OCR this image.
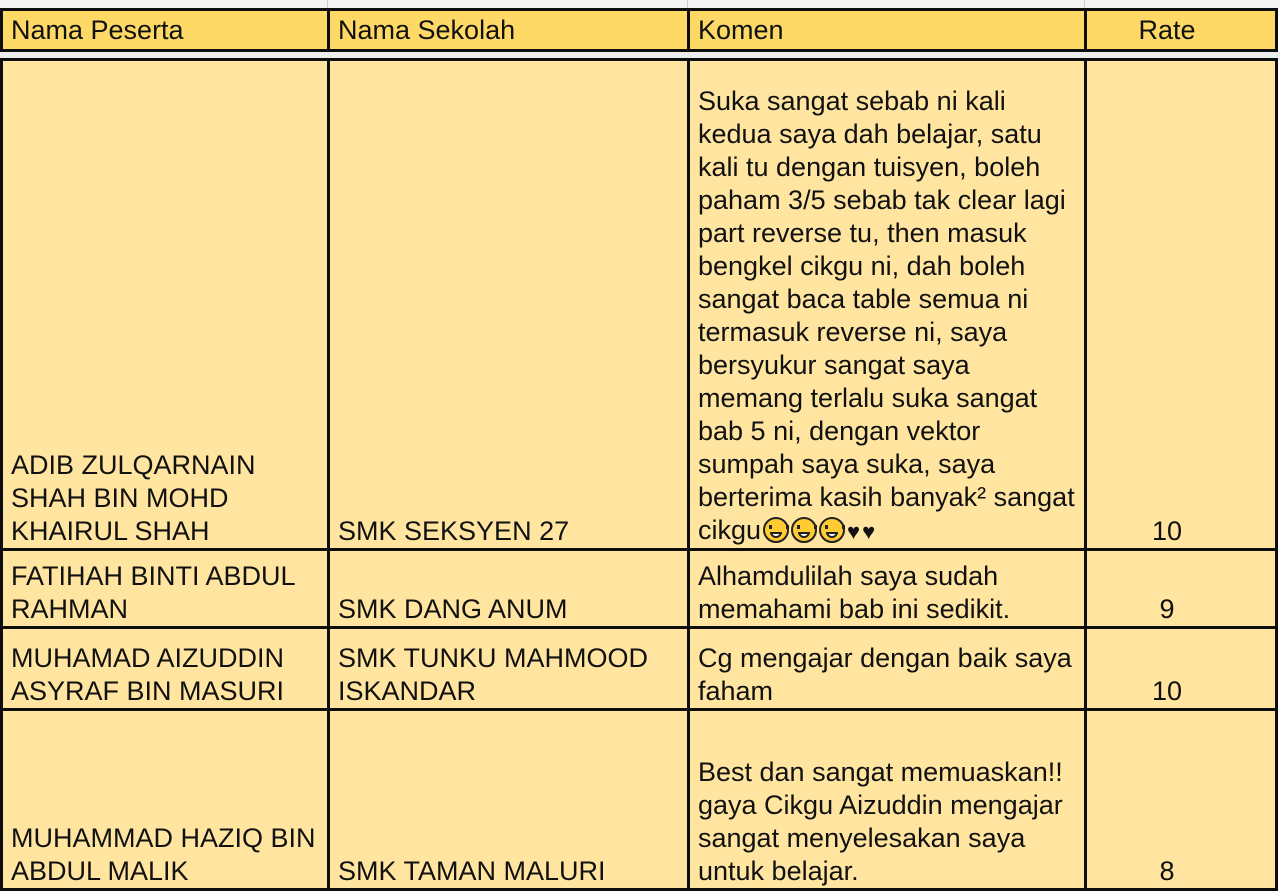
Nama Peserta	Nama Sekolah	Komen	Rate
ADIB ZULQARNAIN SHAH BIN MOHD KHAIRUL SHAH	SMK SEKSYEN 27	Suka sangat sebab ni kali kedua saya dah belajar, satu kali tu dengan tuisyen, boleh paham 3/5 sebab tak clear lagi part reverse tu, then masuk bengkel cikgu ni, dah boleh sangat baca table semua ni termasuk reverse ni, saya bersyukur sangat saya memang terlalu suka sangat bab 5 ni, dengan vektor sumpah saya suka, saya berterima kasih banyak² sangat cikgu ♥♥	10
FATIHAH BINTI ABDUL RAHMAN	SMK DANG ANUM	Alhamdulilah saya sudah memahami bab ini sedikit.	9
MUHAMAD AIZUDDIN ASYRAF BIN MASURI	SMK TUNKU MAHMOOD ISKANDAR	Cg mengajar dengan baik saya faham	10
MUHAMMAD HAZIQ BIN ABDUL MALIK	SMK TAMAN MALURI	Best dan sangat memuaskan!! gaya Cikgu Aizuddin mengajar sangat menyelesakan saya untuk belajar.	8
